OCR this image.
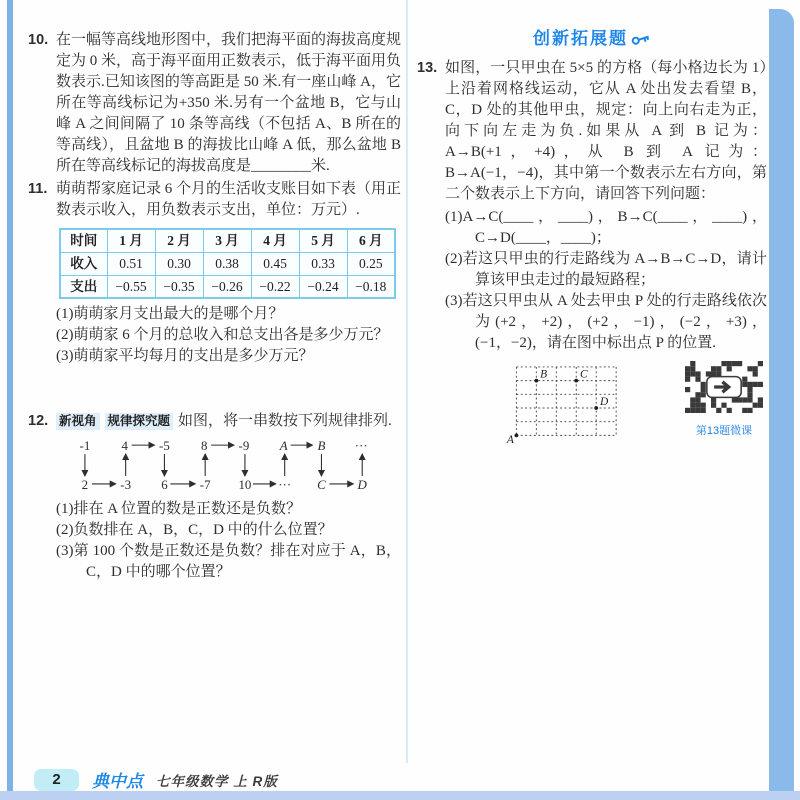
10. 在一幅等高线地形图中，我们把海平面的海拔高度规定为 0 米，高于海平面用正数表示，低于海平面用负数表示.已知该图的等高距是 50 米.有一座山峰 A，它所在等高线标记为+350 米.另有一个盆地 B，它与山峰 A 之间间隔了 10 条等高线（不包括 A、B 所在的等高线），且盆地 B 的海拔比山峰 A 低，那么盆地 B 所在等高线标记的海拔高度是________米.
11. 萌萌帮家庭记录 6 个月的生活收支账目如下表（用正数表示收入，用负数表示支出，单位：万元）.
时间	1 月	2 月	3 月	4 月	5 月	6 月
收入	0.51	0.30	0.38	0.45	0.33	0.25
支出	−0.55	−0.35	−0.26	−0.22	−0.24	−0.18
(1)萌萌家月支出最大的是哪个月？
(2)萌萌家 6 个月的总收入和总支出各是多少万元？
(3)萌萌家平均每月的支出是多少万元？
12. 新视角 规律探究题 如图，将一串数按下列规律排列.
-1 4 -5 8 -9 A B ···
2 -3 6 -7 10 ··· C D
(1)排在 A 位置的数是正数还是负数？
(2)负数排在 A，B，C，D 中的什么位置？
(3)第 100 个数是正数还是负数？排在对应于 A，B，C，D 中的哪个位置？
创新拓展题
13. 如图，一只甲虫在 5×5 的方格（每小格边长为 1）上沿着网格线运动，它从 A 处出发去看望 B，C，D 处的其他甲虫，规定：向上向右走为正，向下向左走为负.如果从 A 到 B 记为：A→B(+1，+4)，从 B 到 A 记为：B→A(−1，−4)，其中第一个数表示左右方向，第二个数表示上下方向，请回答下列问题：
(1)A→C(____，____)，B→C(____，____)，C→D(____，____)；
(2)若这只甲虫的行走路线为 A→B→C→D，请计算该甲虫走过的最短路程；
(3)若这只甲虫从 A 处去甲虫 P 处的行走路线依次为(+2，+2)，(+2，−1)，(−2，+3)，(−1，−2)，请在图中标出点 P 的位置.
A
B	C
D
第13题微课
2 典中点 七年级数学 上 R版
